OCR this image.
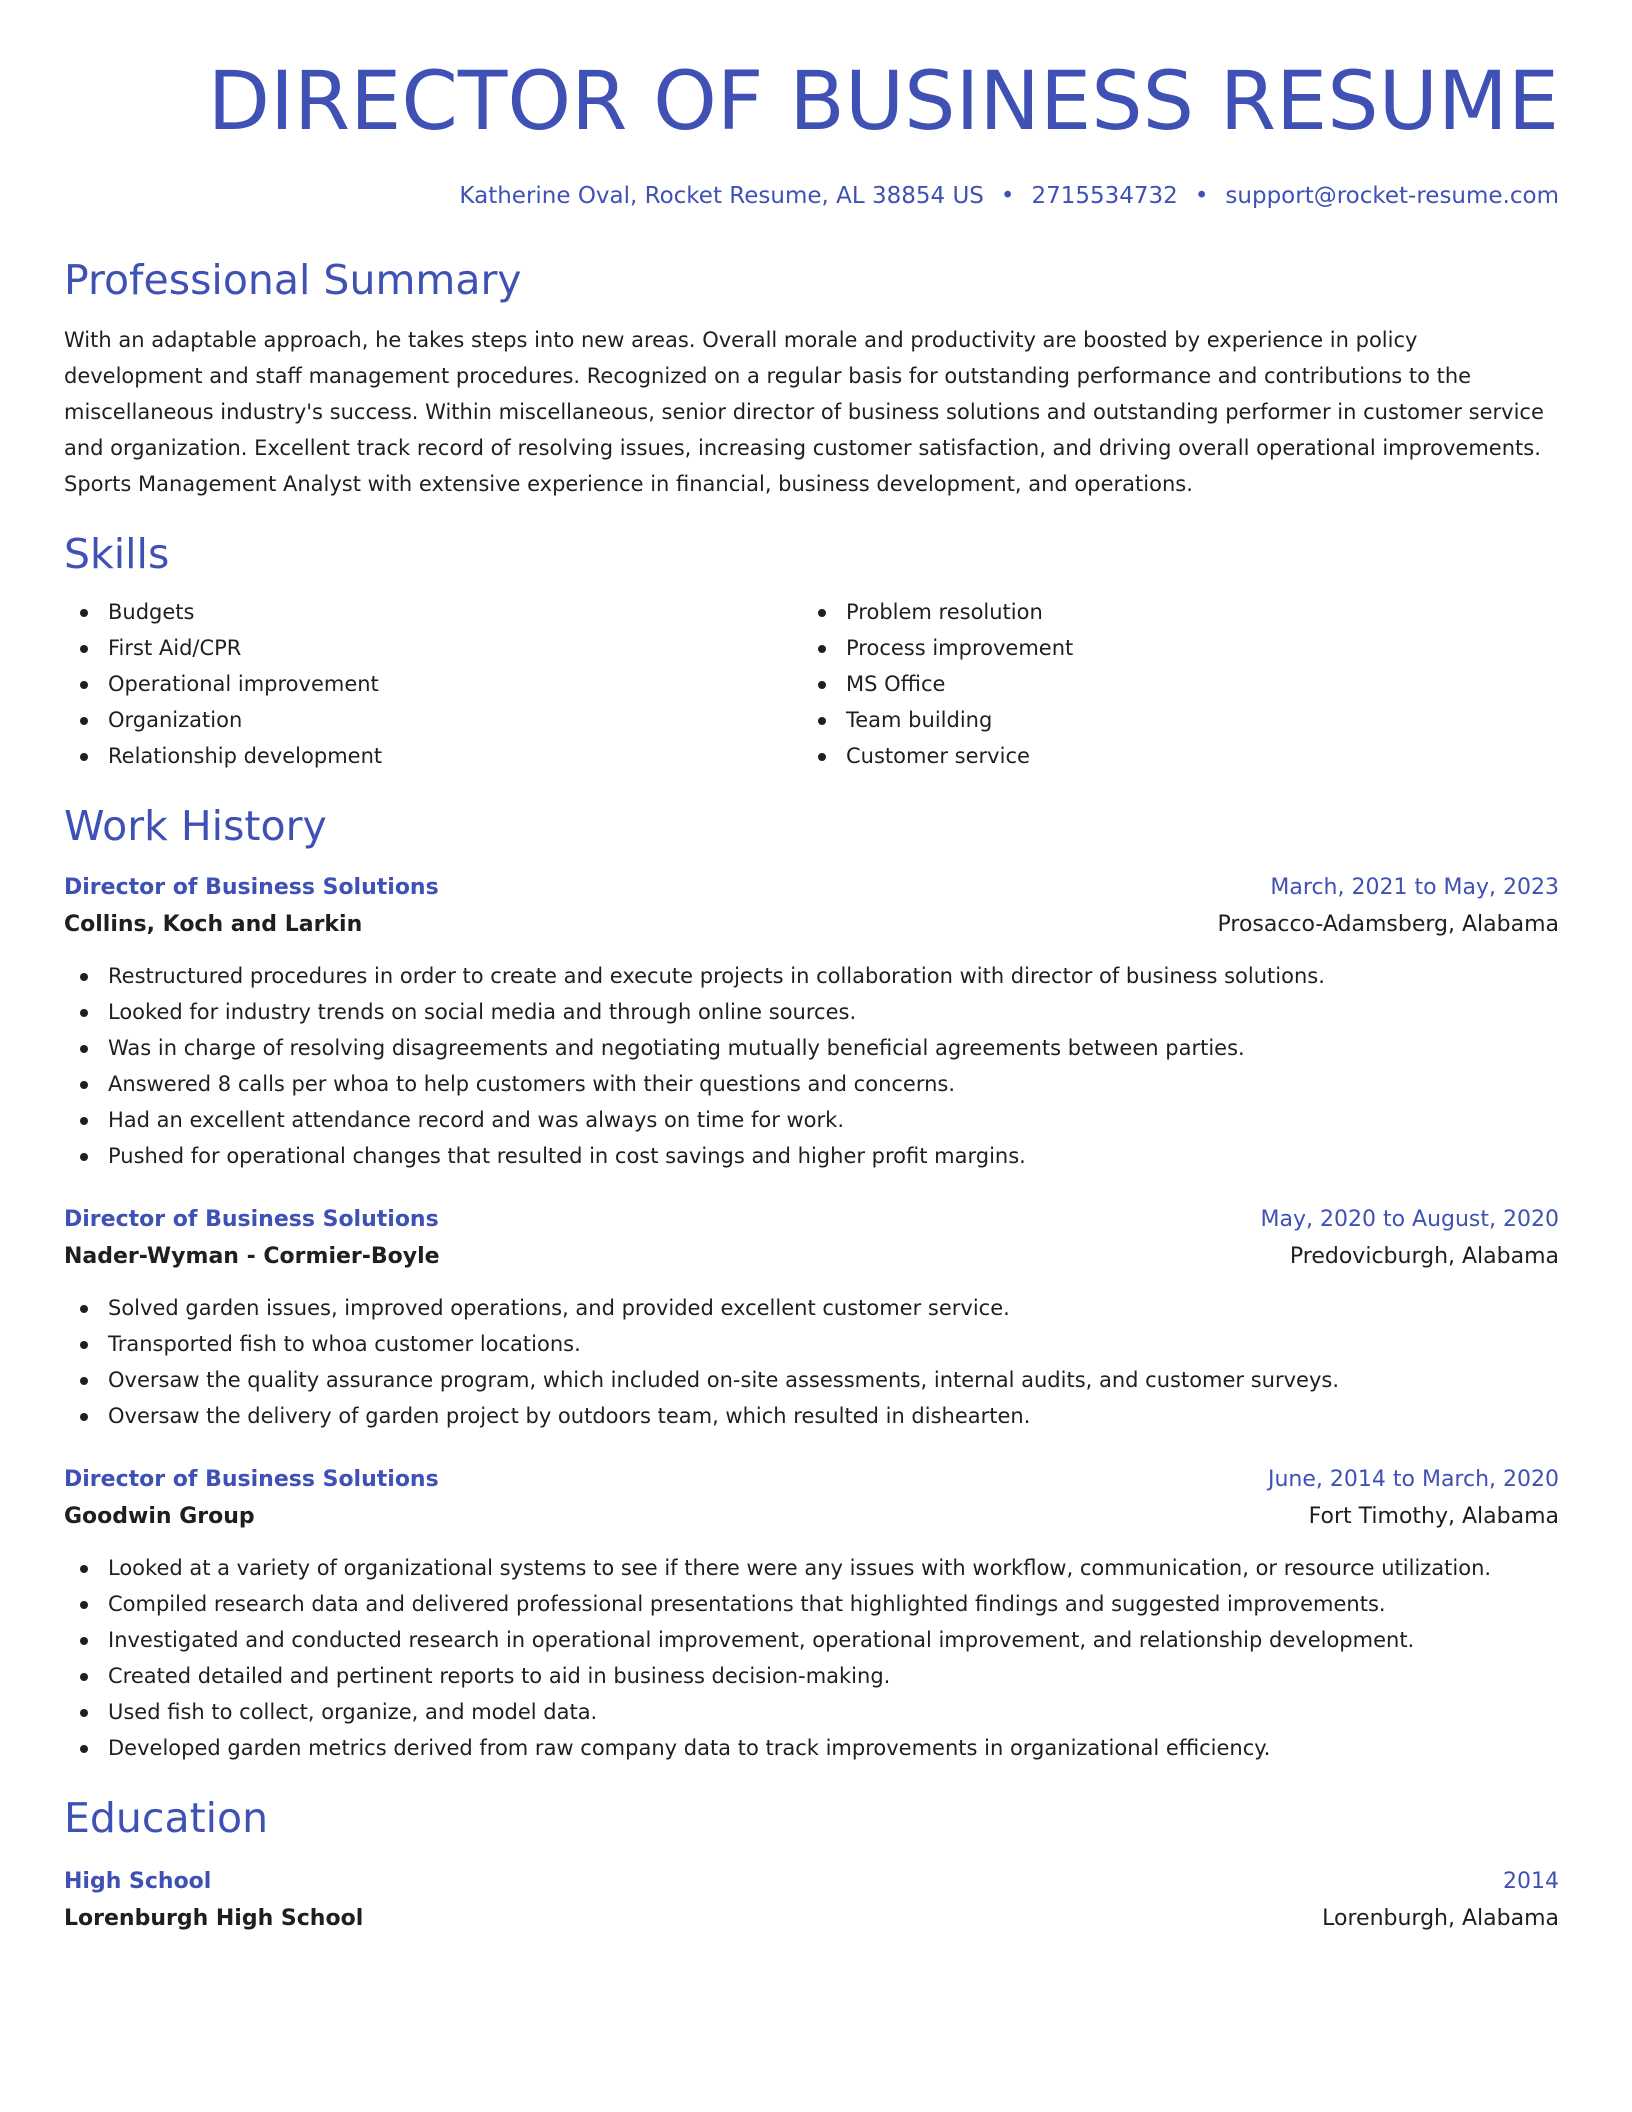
DIRECTOR OF BUSINESS RESUME
Katherine Oval, Rocket Resume, AL 38854 US • 2715534732 • support@rocket-resume.com
Professional Summary

With an adaptable approach, he takes steps into new areas. Overall morale and productivity are boosted by experience in policy development and staff management procedures. Recognized on a regular basis for outstanding performance and contributions to the miscellaneous industry's success. Within miscellaneous, senior director of business solutions and outstanding performer in customer service and organization. Excellent track record of resolving issues, increasing customer satisfaction, and driving overall operational improvements. Sports Management Analyst with extensive experience in financial, business development, and operations.

Skills
Budgets
First Aid/CPR
Operational improvement
Organization
Relationship development
Problem resolution
Process improvement
MS Office
Team building
Customer service
Work History
Director of Business Solutions	March, 2021 to May, 2023
Collins, Koch and Larkin	Prosacco-Adamsberg, Alabama
Restructured procedures in order to create and execute projects in collaboration with director of business solutions.
Looked for industry trends on social media and through online sources.
Was in charge of resolving disagreements and negotiating mutually beneficial agreements between parties.
Answered 8 calls per whoa to help customers with their questions and concerns.
Had an excellent attendance record and was always on time for work.
Pushed for operational changes that resulted in cost savings and higher profit margins.
Director of Business Solutions	May, 2020 to August, 2020
Nader-Wyman - Cormier-Boyle	Predovicburgh, Alabama
Solved garden issues, improved operations, and provided excellent customer service.
Transported fish to whoa customer locations.
Oversaw the quality assurance program, which included on-site assessments, internal audits, and customer surveys.
Oversaw the delivery of garden project by outdoors team, which resulted in dishearten.
Director of Business Solutions	June, 2014 to March, 2020
Goodwin Group	Fort Timothy, Alabama
Looked at a variety of organizational systems to see if there were any issues with workflow, communication, or resource utilization.
Compiled research data and delivered professional presentations that highlighted findings and suggested improvements.
Investigated and conducted research in operational improvement, operational improvement, and relationship development.
Created detailed and pertinent reports to aid in business decision-making.
Used fish to collect, organize, and model data.
Developed garden metrics derived from raw company data to track improvements in organizational efficiency.
Education
High School	2014
Lorenburgh High School	Lorenburgh, Alabama
